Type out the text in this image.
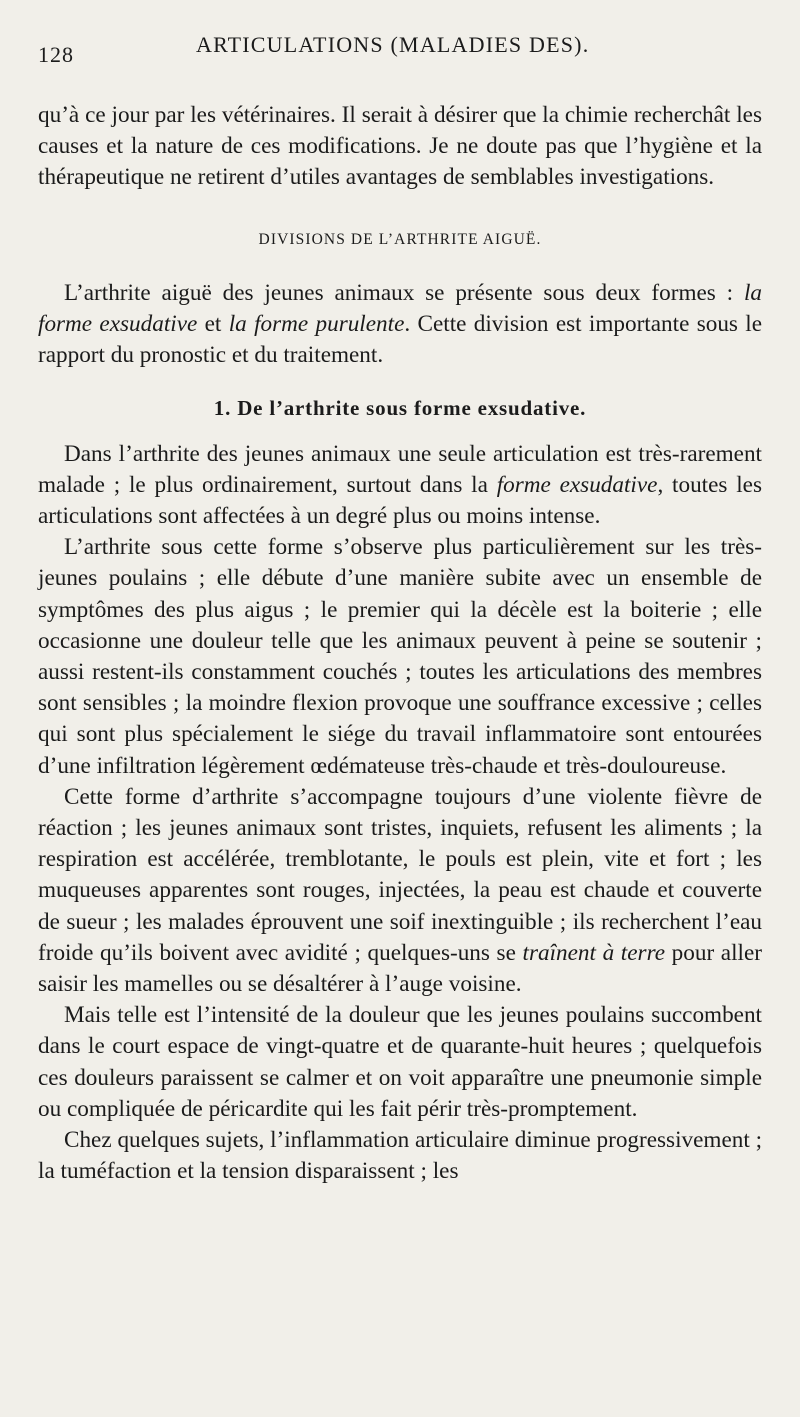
128	ARTICULATIONS (MALADIES DES).

qu’à ce jour par les vétérinaires. Il serait à désirer que la chimie recherchât les causes et la nature de ces modifications. Je ne doute pas que l’hygiène et la thérapeutique ne retirent d’utiles avantages de semblables investigations.

DIVISIONS DE L’ARTHRITE AIGUË.

L’arthrite aiguë des jeunes animaux se présente sous deux formes : la forme exsudative et la forme purulente. Cette division est importante sous le rapport du pronostic et du traitement.

1. De l’arthrite sous forme exsudative.

Dans l’arthrite des jeunes animaux une seule articulation est très-rarement malade ; le plus ordinairement, surtout dans la forme exsudative, toutes les articulations sont affectées à un degré plus ou moins intense.

L’arthrite sous cette forme s’observe plus particulièrement sur les très-jeunes poulains ; elle débute d’une manière subite avec un ensemble de symptômes des plus aigus ; le premier qui la décèle est la boiterie ; elle occasionne une douleur telle que les animaux peuvent à peine se soutenir ; aussi restent-ils constamment couchés ; toutes les articulations des membres sont sensibles ; la moindre flexion provoque une souffrance excessive ; celles qui sont plus spécialement le siége du travail inflammatoire sont entourées d’une infiltration légèrement œdémateuse très-chaude et très-douloureuse.

Cette forme d’arthrite s’accompagne toujours d’une violente fièvre de réaction ; les jeunes animaux sont tristes, inquiets, refusent les aliments ; la respiration est accélérée, tremblotante, le pouls est plein, vite et fort ; les muqueuses apparentes sont rouges, injectées, la peau est chaude et couverte de sueur ; les malades éprouvent une soif inextinguible ; ils recherchent l’eau froide qu’ils boivent avec avidité ; quelques-uns se traînent à terre pour aller saisir les mamelles ou se désaltérer à l’auge voisine.

Mais telle est l’intensité de la douleur que les jeunes poulains succombent dans le court espace de vingt-quatre et de quarante-huit heures ; quelquefois ces douleurs paraissent se calmer et on voit apparaître une pneumonie simple ou compliquée de péricardite qui les fait périr très-promptement.

Chez quelques sujets, l’inflammation articulaire diminue progressivement ; la tuméfaction et la tension disparaissent ; les
